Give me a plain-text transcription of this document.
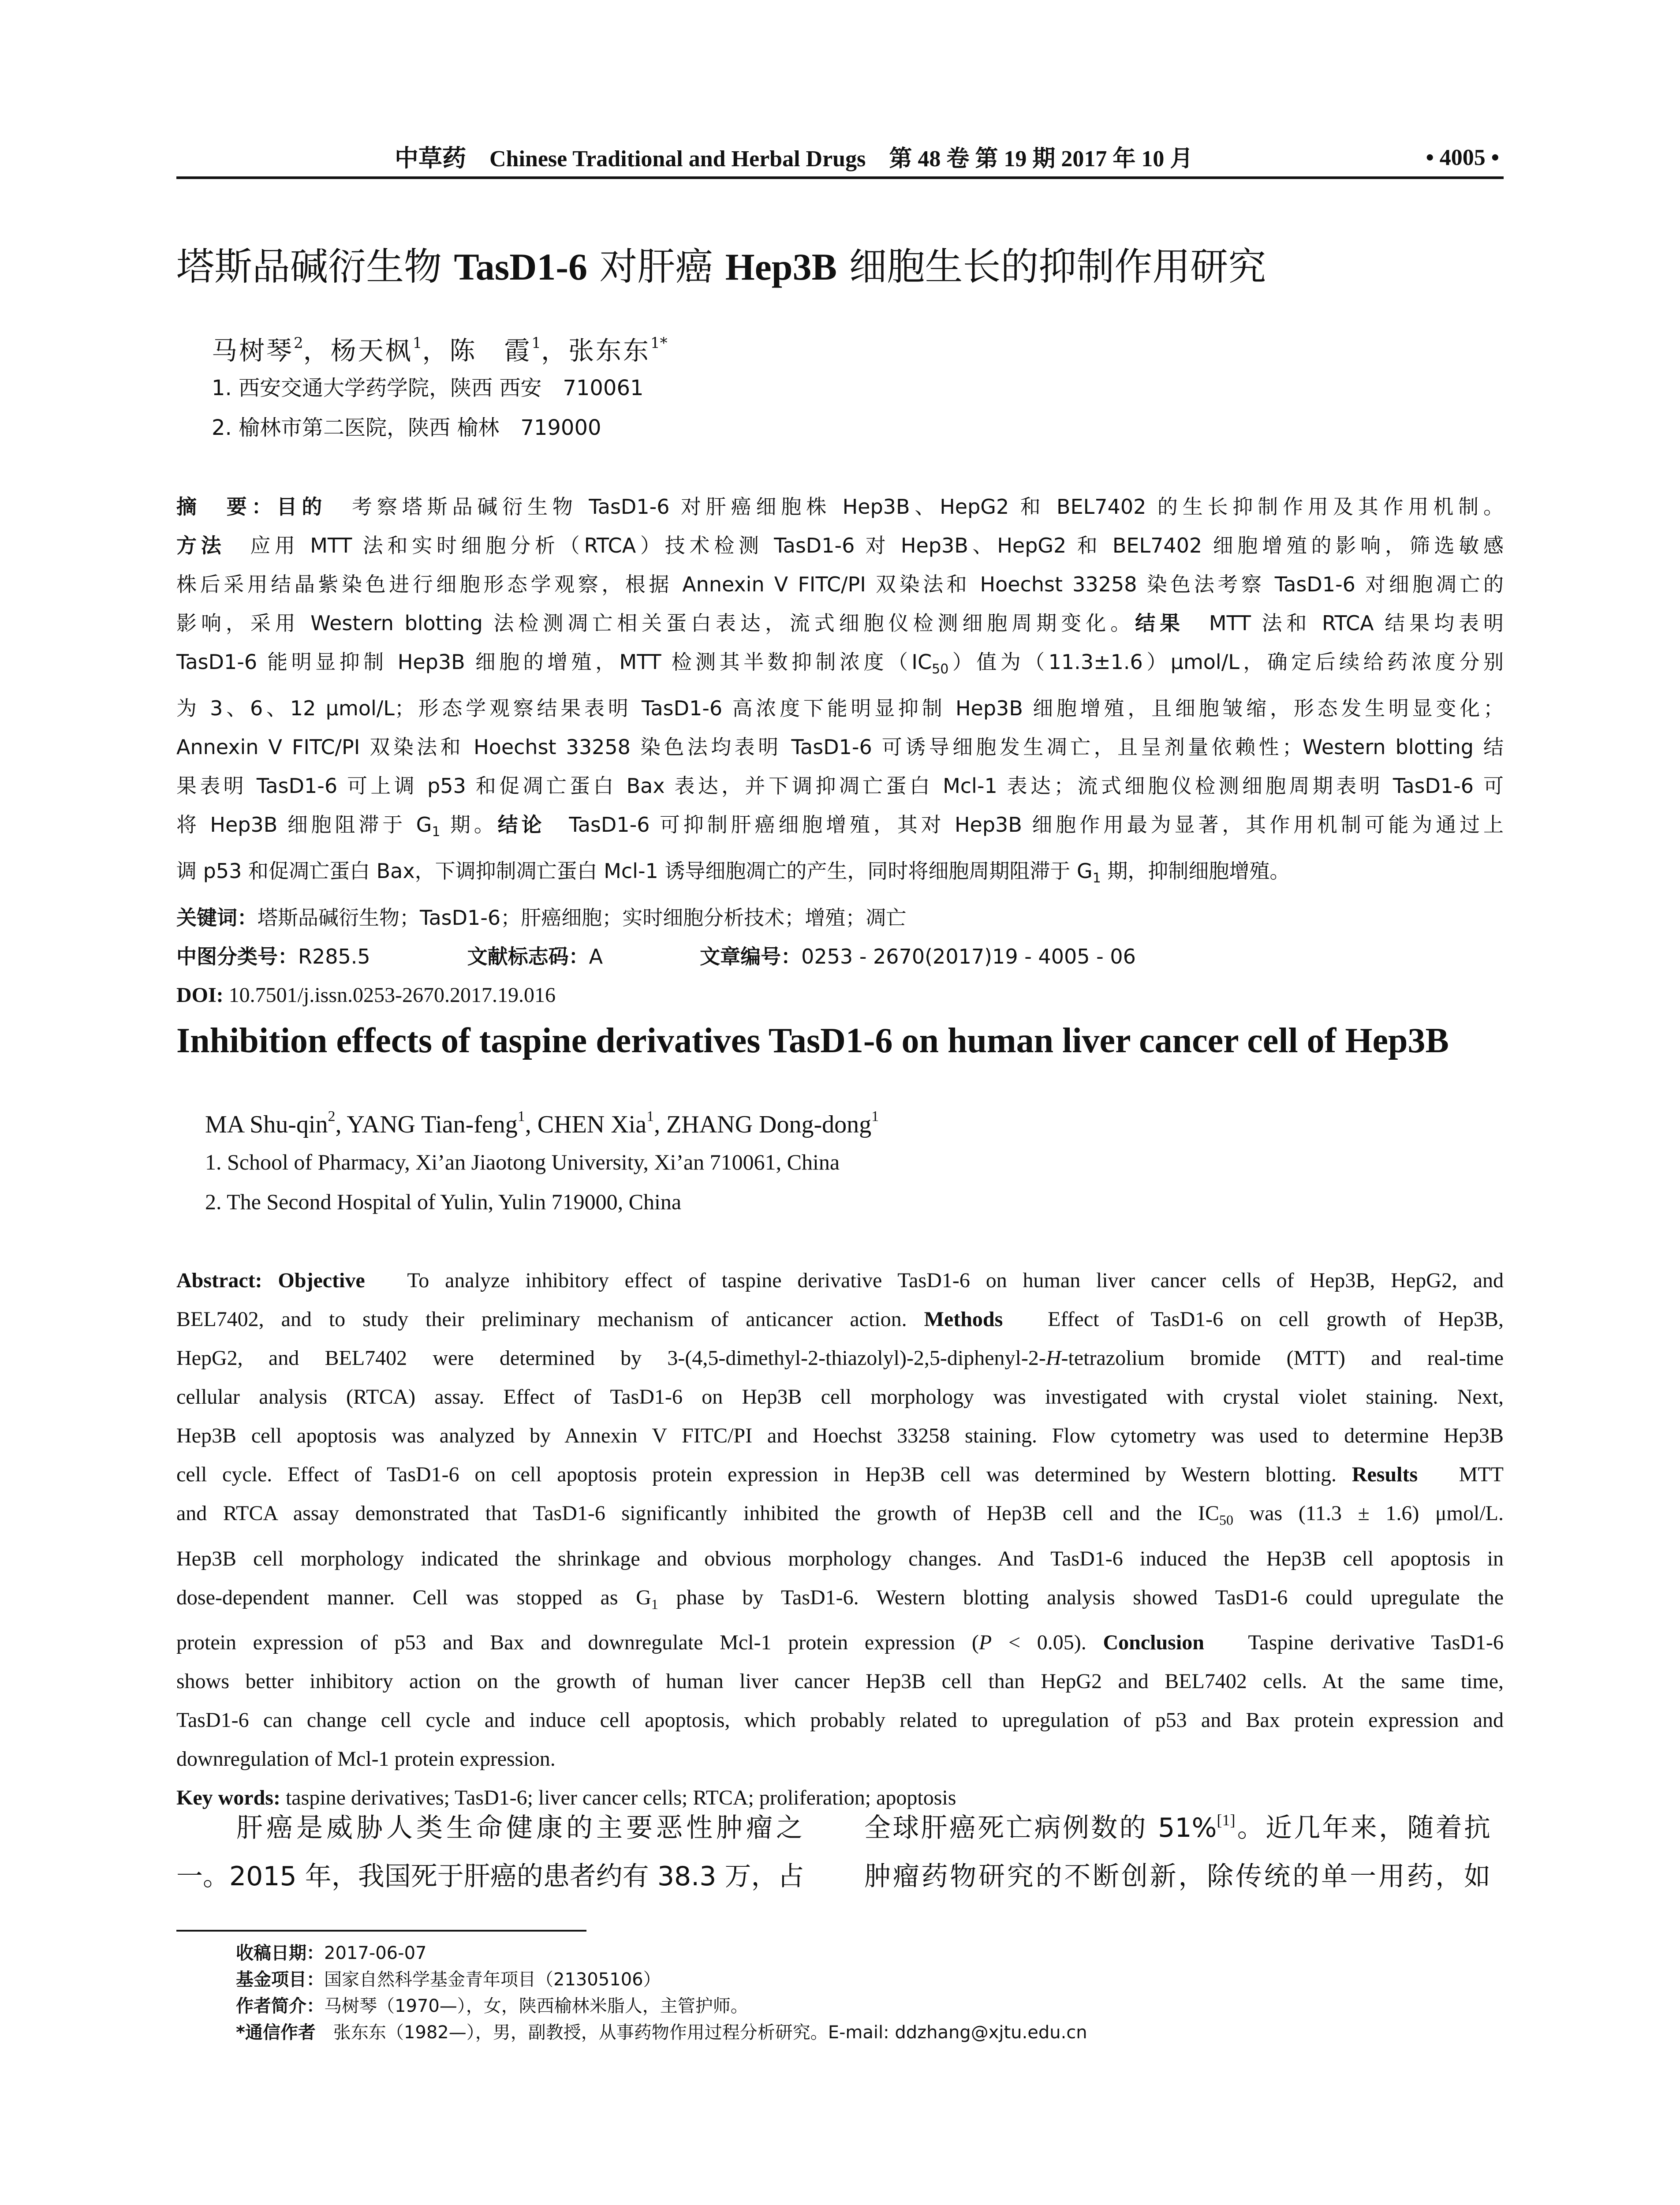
中草药 Chinese Traditional and Herbal Drugs 第 48 卷 第 19 期 2017 年 10 月	• 4005 •
塔斯品碱衍生物 TasD1-6 对肝癌 Hep3B 细胞生长的抑制作用研究
马树琴$^2$，杨天枫$^1$，陈　霞$^1$，张东东$^{1*}$
1. 西安交通大学药学院，陕西 西安　710061
2. 榆林市第二医院，陕西 榆林　719000
摘　要：目的　考察塔斯品碱衍生物 TasD1-6 对肝癌细胞株 Hep3B、HepG2 和 BEL7402 的生长抑制作用及其作用机制。
方法　应用 MTT 法和实时细胞分析（RTCA）技术检测 TasD1-6 对 Hep3B、HepG2 和 BEL7402 细胞增殖的影响，筛选敏感
株后采用结晶紫染色进行细胞形态学观察，根据 Annexin V FITC/PI 双染法和 Hoechst 33258 染色法考察 TasD1-6 对细胞凋亡的
影响，采用 Western blotting 法检测凋亡相关蛋白表达，流式细胞仪检测细胞周期变化。结果　MTT 法和 RTCA 结果均表明
TasD1-6 能明显抑制 Hep3B 细胞的增殖，MTT 检测其半数抑制浓度$(IC_{50})$值为（11.3±1.6）μmol/L，确定后续给药浓度分别
为 3、6、12 μmol/L；形态学观察结果表明 TasD1-6 高浓度下能明显抑制 Hep3B 细胞增殖，且细胞皱缩，形态发生明显变化；
Annexin V FITC/PI 双染法和 Hoechst 33258 染色法均表明 TasD1-6 可诱导细胞发生凋亡，且呈剂量依赖性；Western blotting 结
果表明 TasD1-6 可上调 p53 和促凋亡蛋白 Bax 表达，并下调抑凋亡蛋白 Mcl-1 表达；流式细胞仪检测细胞周期表明 TasD1-6 可
将 Hep3B 细胞阻滞于 $G_1$ 期。结论　TasD1-6 可抑制肝癌细胞增殖，其对 Hep3B 细胞作用最为显著，其作用机制可能为通过上
调 p53 和促凋亡蛋白 Bax，下调抑制凋亡蛋白 Mcl-1 诱导细胞凋亡的产生，同时将细胞周期阻滞于 $G_1$ 期，抑制细胞增殖。
关键词：塔斯品碱衍生物；TasD1-6；肝癌细胞；实时细胞分析技术；增殖；凋亡
中图分类号：R285.5	文献标志码：A	文章编号：0253 - 2670(2017)19 - 4005 - 06
DOI: 10.7501/j.issn.0253-2670.2017.19.016
Inhibition effects of taspine derivatives TasD1-6 on human liver cancer cell of Hep3B
MA Shu-qin$^2$, YANG Tian-feng$^1$, CHEN Xia$^1$, ZHANG Dong-dong$^1$
1. School of Pharmacy, Xi’an Jiaotong University, Xi’an 710061, China
2. The Second Hospital of Yulin, Yulin 719000, China
Abstract: Objective　To analyze inhibitory effect of taspine derivative TasD1-6 on human liver cancer cells of Hep3B, HepG2, and
BEL7402, and to study their preliminary mechanism of anticancer action. Methods　Effect of TasD1-6 on cell growth of Hep3B,
HepG2, and BEL7402 were determined by 3-(4,5-dimethyl-2-thiazolyl)-2,5-diphenyl-2-H-tetrazolium bromide (MTT) and real-time
cellular analysis (RTCA) assay. Effect of TasD1-6 on Hep3B cell morphology was investigated with crystal violet staining. Next,
Hep3B cell apoptosis was analyzed by Annexin V FITC/PI and Hoechst 33258 staining. Flow cytometry was used to determine Hep3B
cell cycle. Effect of TasD1-6 on cell apoptosis protein expression in Hep3B cell was determined by Western blotting. Results　MTT
and RTCA assay demonstrated that TasD1-6 significantly inhibited the growth of Hep3B cell and the $IC_{50}$ was (11.3 ± 1.6) μmol/L.
Hep3B cell morphology indicated the shrinkage and obvious morphology changes. And TasD1-6 induced the Hep3B cell apoptosis in
dose-dependent manner. Cell was stopped as $G_1$ phase by TasD1-6. Western blotting analysis showed TasD1-6 could upregulate the
protein expression of p53 and Bax and downregulate Mcl-1 protein expression (P < 0.05). Conclusion　Taspine derivative TasD1-6
shows better inhibitory action on the growth of human liver cancer Hep3B cell than HepG2 and BEL7402 cells. At the same time,
TasD1-6 can change cell cycle and induce cell apoptosis, which probably related to upregulation of p53 and Bax protein expression and
downregulation of Mcl-1 protein expression.
Key words: taspine derivatives; TasD1-6; liver cancer cells; RTCA; proliferation; apoptosis
　　肝癌是威胁人类生命健康的主要恶性肿瘤之
一。2015 年，我国死于肝癌的患者约有 38.3 万，占
全球肝癌死亡病例数的 51%[1]。近几年来，随着抗
肿瘤药物研究的不断创新，除传统的单一用药，如
收稿日期：2017-06-07
基金项目：国家自然科学基金青年项目（21305106）
作者简介：马树琴（1970—），女，陕西榆林米脂人，主管护师。
*通信作者　张东东（1982—），男，副教授，从事药物作用过程分析研究。E-mail: ddzhang@xjtu.edu.cn
